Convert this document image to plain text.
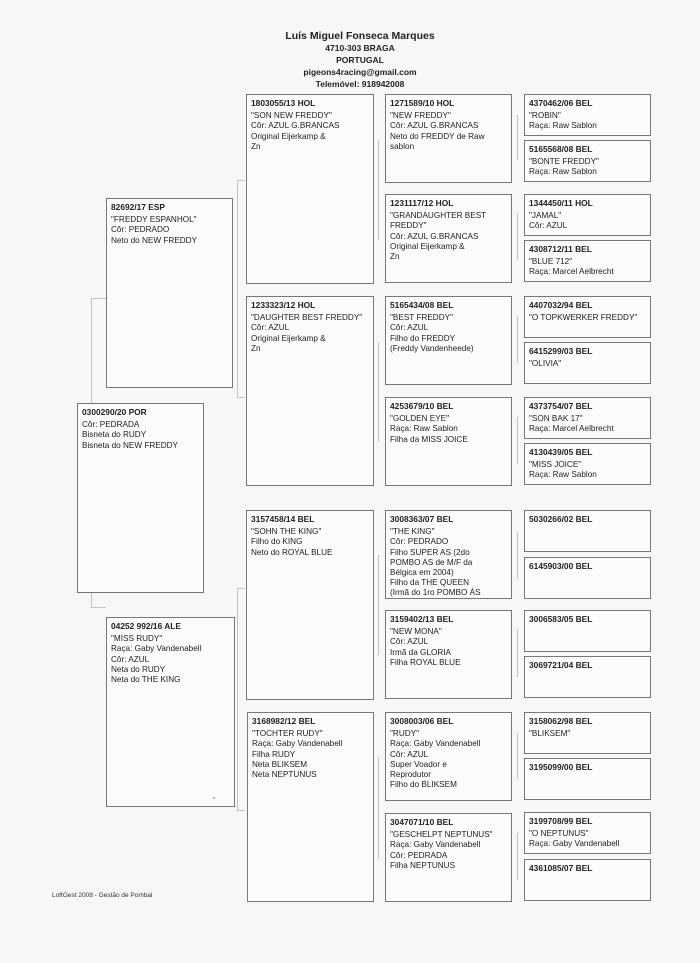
Luís Miguel Fonseca Marques
4710-303 BRAGA
PORTUGAL
pigeons4racing@gmail.com
Telemóvel: 918942008
0300290/20 POR
Côr: PEDRADA
Bisneta do RUDY
Bisneta do NEW FREDDY
82692/17 ESP
"FREDDY ESPANHOL"
Côr: PEDRADO
Neto do NEW FREDDY
04252 992/16 ALE
"MISS RUDY"
Raça: Gaby Vandenabell
Côr: AZUL
Neta do RUDY
Neta do THE KING
1803055/13 HOL
"SON NEW FREDDY"
Côr: AZUL G.BRANCAS
Original Eijerkamp &
Zn
1233323/12 HOL
"DAUGHTER BEST FREDDY"
Côr: AZUL
Original Eijerkamp &
Zn
3157458/14 BEL
"SOHN THE KING"
Filho do KING
Neto do ROYAL BLUE
3168982/12 BEL
"TOCHTER RUDY"
Raça: Gaby Vandenabell
Filha RUDY
Neta BLIKSEM
Neta NEPTUNUS
1271589/10 HOL
"NEW FREDDY"
Côr: AZUL G.BRANCAS
Neto do FREDDY de Raw
sablon
1231117/12 HOL
"GRANDAUGHTER BEST
FREDDY"
Côr: AZUL G.BRANCAS
Original Eijerkamp &
Zn
5165434/08 BEL
"BEST FREDDY"
Côr: AZUL
Filho do FREDDY
(Freddy Vandenheede)
4253679/10 BEL
"GOLDEN EYE"
Raça: Raw Sablon
Filha da MISS JOICE
3008363/07 BEL
"THE KING"
Côr: PEDRADO
Filho SUPER AS (2do
POMBO AS de M/F da
Bélgica em 2004)
Filho da THE QUEEN
(Irmã do 1ro POMBO ÁS
3159402/13 BEL
"NEW MONA"
Côr: AZUL
Irmã da GLORIA
Filha ROYAL BLUE
3008003/06 BEL
"RUDY"
Raça: Gaby Vandenabell
Côr: AZUL
Super Voador e
Reprodutor
Filho do BLIKSEM
3047071/10 BEL
"GESCHELPT NEPTUNUS"
Raça: Gaby Vandenabell
Côr: PEDRADA
Filha NEPTUNUS
4370462/06 BEL
"ROBIN"
Raça: Raw Sablon
5165568/08 BEL
"BONTE FREDDY"
Raça: Raw Sablon
1344450/11 HOL
"JAMAL"
Côr: AZUL
4308712/11 BEL
"BLUE 712"
Raça: Marcel Aelbrecht
4407032/94 BEL
"O TOPKWERKER FREDDY"
6415299/03 BEL
"OLIVIA"
4373754/07 BEL
"SON BAK 17"
Raça: Marcel Aelbrecht
4130439/05 BEL
"MISS JOICE"
Raça: Raw Sablon
5030266/02 BEL
6145903/00 BEL
3006583/05 BEL
3069721/04 BEL
3158062/98 BEL
"BLIKSEM"
3195099/00 BEL
3199708/99 BEL
"O NEPTUNUS"
Raça: Gaby Vandenabell
4361085/07 BEL
LoftGest 2008 - Gestão de Pombal
